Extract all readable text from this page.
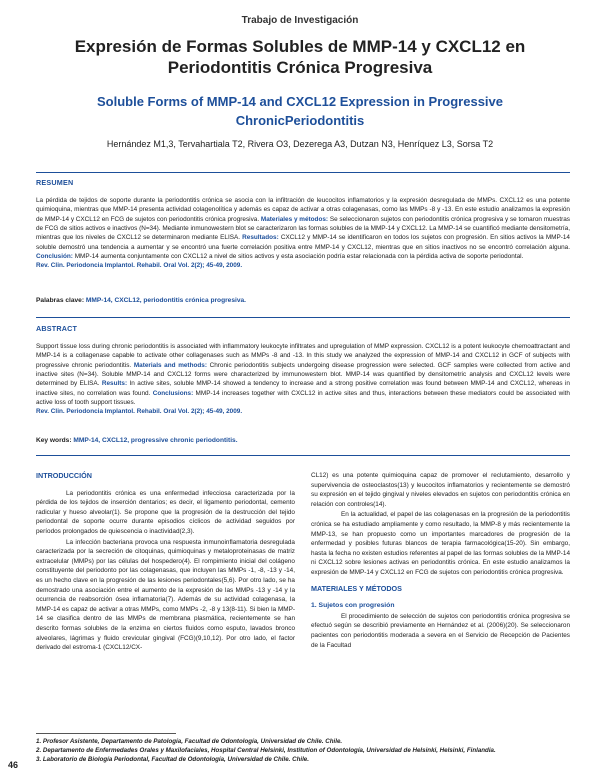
Trabajo de Investigación
Expresión de Formas Solubles de MMP-14 y CXCL12 en Periodontitis Crónica Progresiva
Soluble Forms of MMP-14 and CXCL12 Expression in Progressive ChronicPeriodontitis
Hernández M1,3, Tervahartiala T2, Rivera O3, Dezerega A3, Dutzan N3, Henríquez L3, Sorsa T2
RESUMEN
La pérdida de tejidos de soporte durante la periodontitis crónica se asocia con la infiltración de leucocitos inflamatorios y la expresión desregulada de MMPs. CXCL12 es una potente quimioquina, mientras que MMP-14 presenta actividad colagenolítica y además es capaz de activar a otras colagenasas, como las MMPs -8 y -13. En este estudio analizamos la expresión de MMP-14 y CXCL12 en FCG de sujetos con periodontitis crónica progresiva. Materiales y métodos: Se seleccionaron sujetos con periodontitis crónica progresiva y se tomaron muestras de FCG de sitios activos e inactivos (N=34). Mediante inmunowestern blot se caracterizaron las formas solubles de la MMP-14 y CXCL12. La MMP-14 se cuantificó mediante densitometría, mientras que los niveles de CXCL12 se determinaron mediante ELISA. Resultados: CXCL12 y MMP-14 se identificaron en todos los sujetos con progresión. En sitios activos la MMP-14 soluble demostró una tendencia a aumentar y se encontró una fuerte correlación positiva entre MMP-14 y CXCL12, mientras que en sitios inactivos no se encontró correlación alguna. Conclusión: MMP-14 aumenta conjuntamente con CXCL12 a nivel de sitios activos y esta asociación podría estar relacionada con la pérdida activa de soporte periodontal.
Rev. Clin. Periodoncia Implantol. Rehabil. Oral Vol. 2(2); 45-49, 2009.
Palabras clave: MMP-14, CXCL12, periodontitis crónica progresiva.
ABSTRACT
Support tissue loss during chronic periodontitis is associated with inflammatory leukocyte infiltrates and upregulation of MMP expression. CXCL12 is a potent leukocyte chemoattractant and MMP-14 is a collagenase capable to activate other collagenases such as MMPs -8 and -13. In this study we analyzed the expression of MMP-14 and CXCL12 in GCF of subjects with progressive chronic periodontitis. Materials and methods: Chronic periodontitis subjects undergoing disease progression were selected. GCF samples were collected from active and inactive sites (N=34). Soluble MMP-14 and CXCL12 forms were characterized by immunowestern blot. MMP-14 was quantified by densitometric analysis and CXCL12 levels were determined by ELISA. Results: In active sites, soluble MMP-14 showed a tendency to increase and a strong positive correlation was found between MMP-14 and CXCL12, whereas in inactive sites, no correlation was found. Conclusions: MMP-14 increases together with CXCL12 in active sites and thus, interactions between these mediators could be associated with active loss of tooth support tissues.
Rev. Clin. Periodoncia Implantol. Rehabil. Oral Vol. 2(2); 45-49, 2009.
Key words: MMP-14, CXCL12, progressive chronic periodontitis.
INTRODUCCIÓN

La periodontitis crónica es una enfermedad infecciosa caracterizada por la pérdida de los tejidos de inserción dentarios; es decir, el ligamento periodontal, cemento radicular y hueso alveolar(1). Se propone que la progresión de la destrucción del tejido periodontal de soporte ocurre durante episodios cíclicos de actividad seguidos por períodos prolongados de quiescencia o inactividad(2,3).

La infección bacteriana provoca una respuesta inmunoinflamatoria desregulada caracterizada por la secreción de citoquinas, quimioquinas y metaloproteinasas de matriz extracelular (MMPs) por las células del hospedero(4). El rompimiento inicial del colágeno constituyente del periodonto por las colagenasas, que incluyen las MMPs -1, -8, -13 y -14, es un hecho clave en la progresión de las lesiones periodontales(5,6). Por otro lado, se ha demostrado una asociación entre el aumento de la expresión de las MMPs -13 y -14 y la ocurrencia de reabsorción ósea inflamatoria(7). Además de su actividad colagenasa, la MMP-14 es capaz de activar a otras MMPs, como MMPs -2, -8 y 13(8-11). Si bien la MMP-14 se clasifica dentro de las MMPs de membrana plasmática, recientemente se han descrito formas solubles de la enzima en ciertos fluidos como esputo, lavados bronco alveolares, lágrimas y fluido crevicular gingival (FCG)(9,10,12). Por otro lado, el factor derivado del estroma-1 (CXCL12/CX-

CL12) es una potente quimioquina capaz de promover el reclutamiento, desarrollo y supervivencia de osteoclastos(13) y leucocitos inflamatorios y recientemente se demostró su expresión en el tejido gingival y niveles elevados en sujetos con periodontitis crónica en relación con controles(14).

En la actualidad, el papel de las colagenasas en la progresión de la periodontitis crónica se ha estudiado ampliamente y como resultado, la MMP-8 y más recientemente la MMP-13, se han propuesto como un importantes marcadores de progresión de la enfermedad y posibles futuras blancos de terapia farmacológica(15-20). Sin embargo, hasta la fecha no existen estudios referentes al papel de las formas solubles de la MMP-14 ni CXCL12 sobre lesiones activas en periodontitis crónica. En este estudio analizamos la expresión de MMP-14 y CXCL12 en FCG de sujetos con periodontitis crónica progresiva.

MATERIALES Y MÉTODOS
1. Sujetos con progresión

El procedimiento de selección de sujetos con periodontitis crónica progresiva se efectuó según se describió previamente en Hernández et al. (2006)(20). Se seleccionaron pacientes con periodontitis moderada a severa en el Servicio de Recepción de Pacientes de la Facultad

1. Profesor Asistente, Departamento de Patología, Facultad de Odontología, Universidad de Chile. Chile.
2. Departamento de Enfermedades Orales y Maxilofaciales, Hospital Central Helsinki, Institution of Odontología, Universidad de Helsinki, Helsinki, Finlandia.
3. Laboratorio de Biología Periodontal, Facultad de Odontología, Universidad de Chile. Chile.
46
